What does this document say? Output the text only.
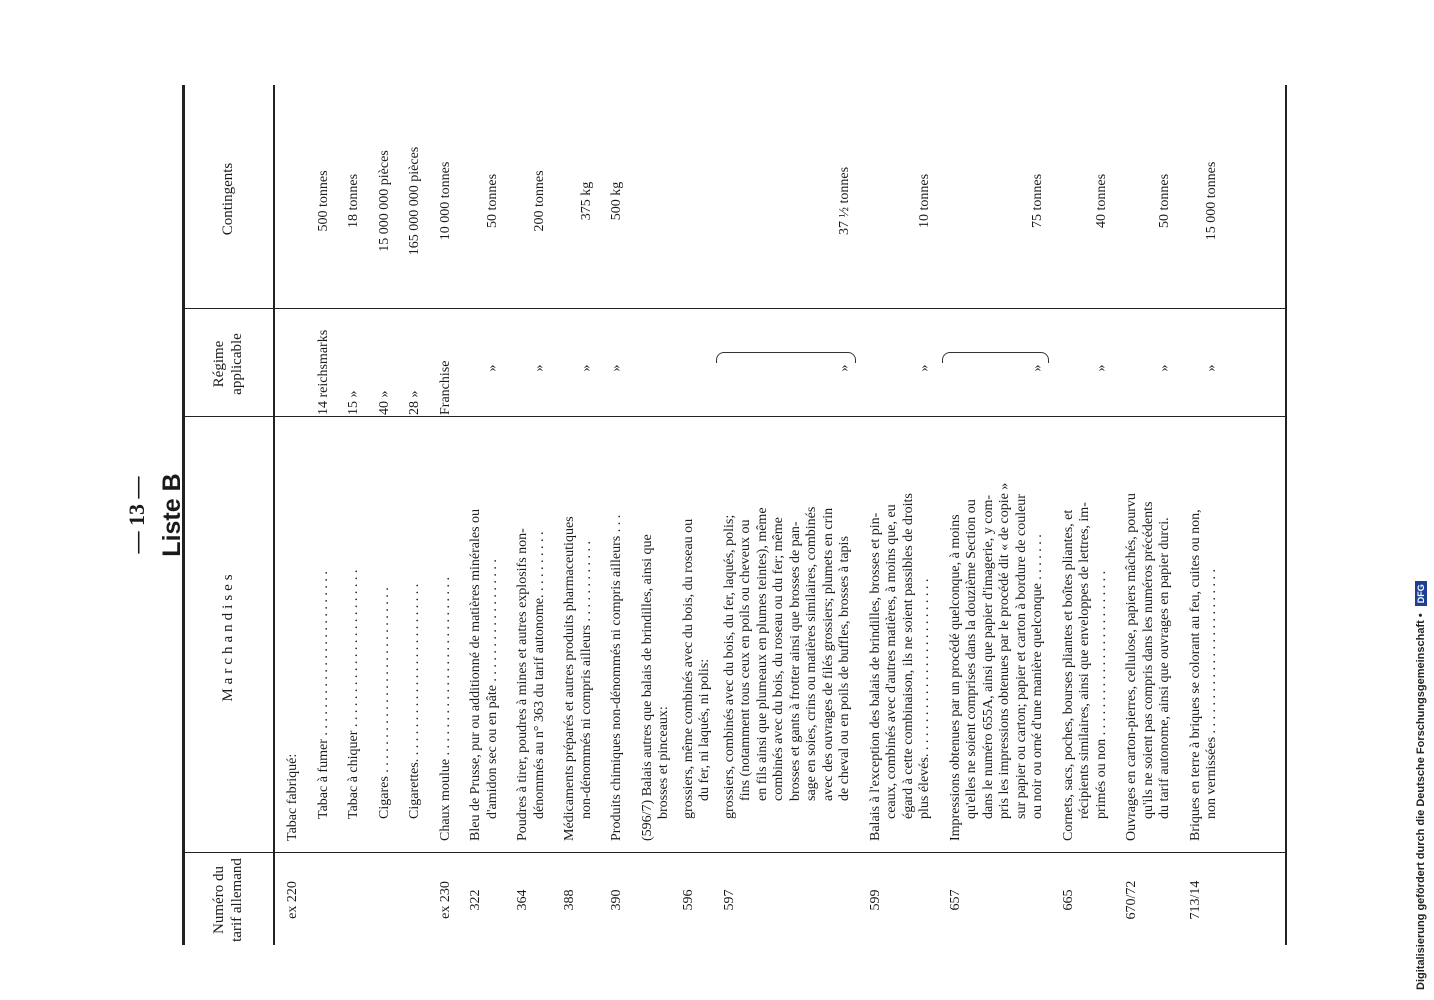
— 13 — Liste B
Numéro du tarif allemand
Marchandises
Régime applicable
Contingents
ex 220
Tabac fabriqué: Tabac à fumer . . . . . . . . . . . . . . . . . . . . . . . .
14 reichsmarks
500 tonnes
Tabac à chiquer . . . . . . . . . . . . . . . . . . . . . . .
15 »
18 tonnes
Cigares . . . . . . . . . . . . . . . . . . . . . . . . . . .
40 »
15 000 000 pièces
Cigarettes. . . . . . . . . . . . . . . . . . . . . . . . . .
28 »
165 000 000 pièces
ex 230
Chaux moulue . . . . . . . . . . . . . . . . . . . . . . . . . .
Franchise
10 000 tonnes
322
Bleu de Prusse, pur ou additionné de matières minérales ou d'amidon sec ou en pâte . . . . . . . . . . . . . . . . . .
»
50 tonnes
364
Poudres à tirer, poudres à mines et autres explosifs non- dénommés au n° 363 du tarif autonome. . . . . . . . . .
»
200 tonnes
388
Médicaments préparés et autres produits pharmaceutiques non-dénommés ni compris ailleurs . . . . . . . . . . . .
»
375 kg
390
Produits chimiques non-dénommés ni compris ailleurs . . .
»
500 kg
(596/7) Balais autres que balais de brindilles, ainsi que brosses et pinceaux:
596
grossiers, même combinés avec du bois, du roseau ou du fer, ni laqués, ni polis:
597
grossiers, combinés avec du bois, du fer, laqués, polis; fins (notamment tous ceux en poils ou cheveux ou en fils ainsi que plumeaux en plumes teintes), même combinés avec du bois, du roseau ou du fer; même brosses et gants à frotter ainsi que brosses de pan- sage en soies, crins ou matières similaires, combinés avec des ouvrages de filés grossiers; plumets en crin de cheval ou en poils de buffles, brosses à tapis
»
37 ½ tonnes
599
Balais à l'exception des balais de brindilles, brosses et pin- ceaux, combinés avec d'autres matières, à moins que, eu égard à cette combinaison, ils ne soient passibles de droits plus élevés. . . . . . . . . . . . . . . . . . . . . . . . . .
»
10 tonnes
657
Impressions obtenues par un procédé quelconque, à moins qu'elles ne soient comprises dans la douzième Section ou dans le numéro 655A, ainsi que papier d'imagerie, y com- pris les impressions obtenues par le procédé dit « de copie » sur papier ou carton; papier et carton à bordure de couleur ou noir ou orné d'une manière quelconque . . . . . . .
»
75 tonnes
665
Cornets, sacs, poches, bourses pliantes et boîtes pliantes, et récipients similaires, ainsi que enveloppes de lettres, im- primés ou non . . . . . . . . . . . . . . . . . . . . . . . .
»
40 tonnes
670/72
Ouvrages en carton-pierres, cellulose, papiers mâchés, pourvu qu'ils ne soient pas compris dans les numéros précédents du tarif autonome, ainsi que ouvrages en papier durci.
»
50 tonnes
713/14
Briques en terre à briques se colorant au feu, cuites ou non, non vernissées . . . . . . . . . . . . . . . . . . . . . . . .
»
15 000 tonnes
Digitalisierung gefördert durch die Deutsche Forschungsgemeinschaft • DFG
